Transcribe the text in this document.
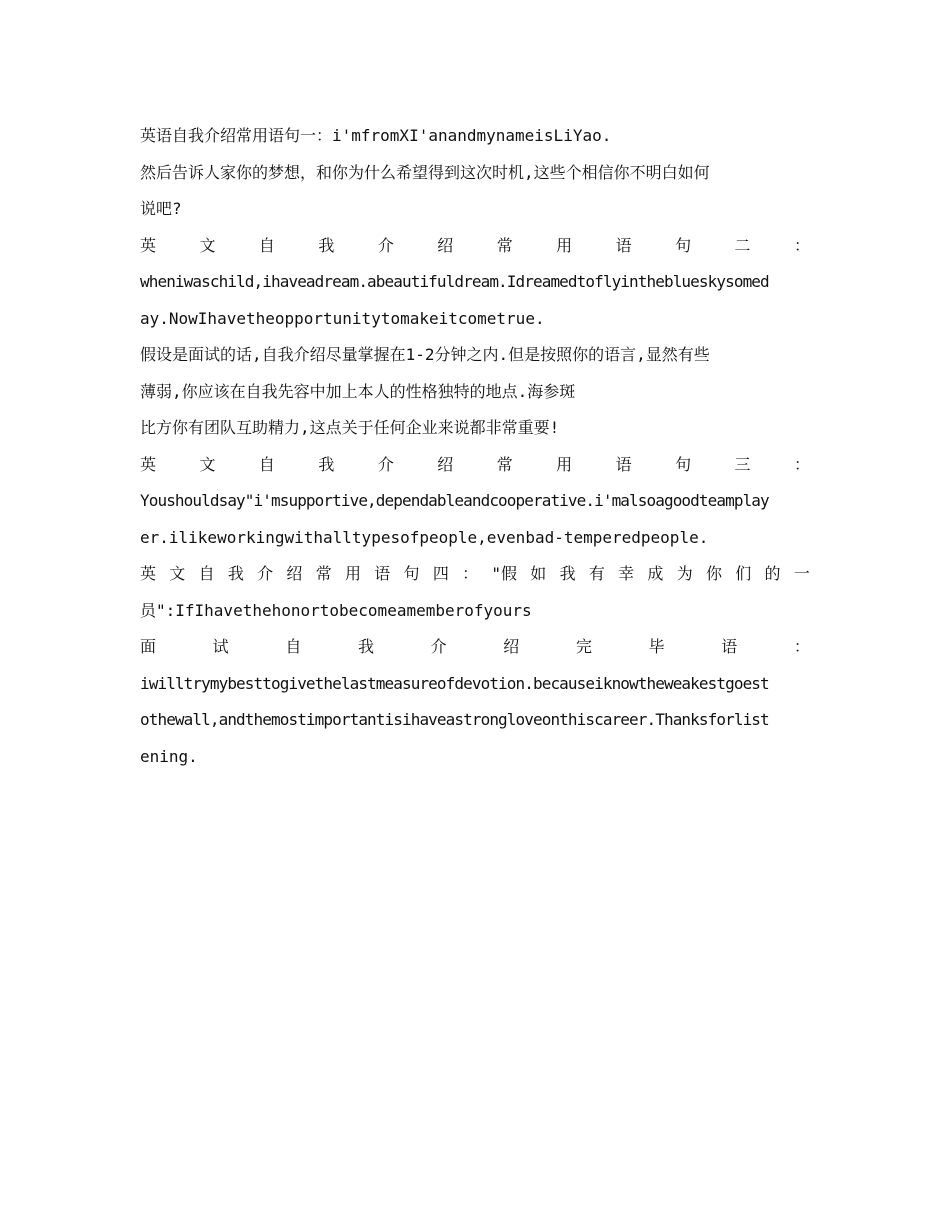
英语自我介绍常用语句一：i'mfromXI'anandmynameisLiYao.
然后告诉人家你的梦想，和你为什么希望得到这次时机,这些个相信你不明白如何
说吧?
英	文	自	我	介	绍	常	用	语	句	二	：
wheniwaschild,ihaveadream.abeautifuldream.Idreamedtoflyintheblueskysomed
ay.NowIhavetheopportunitytomakeitcometrue.
假设是面试的话,自我介绍尽量掌握在1-2分钟之内.但是按照你的语言,显然有些
薄弱,你应该在自我先容中加上本人的性格独特的地点.海参斑
比方你有团队互助精力,这点关于任何企业来说都非常重要!
英	文	自	我	介	绍	常	用	语	句	三	：
Youshouldsay"i'msupportive,dependableandcooperative.i'malsoagoodteamplay
er.ilikeworkingwithalltypesofpeople,evenbad-temperedpeople.
英 文 自 我 介 绍 常 用 语 句 四 ： "假 如 我 有 幸 成 为 你 们 的 一
员":IfIhavethehonortobecomeamemberofyours
面	试	自	我	介	绍	完	毕	语	：
iwilltrymybesttogivethelastmeasureofdevotion.becauseiknowtheweakestgoest
othewall,andthemostimportantisihaveastrongloveonthiscareer.Thanksforlist
ening.
